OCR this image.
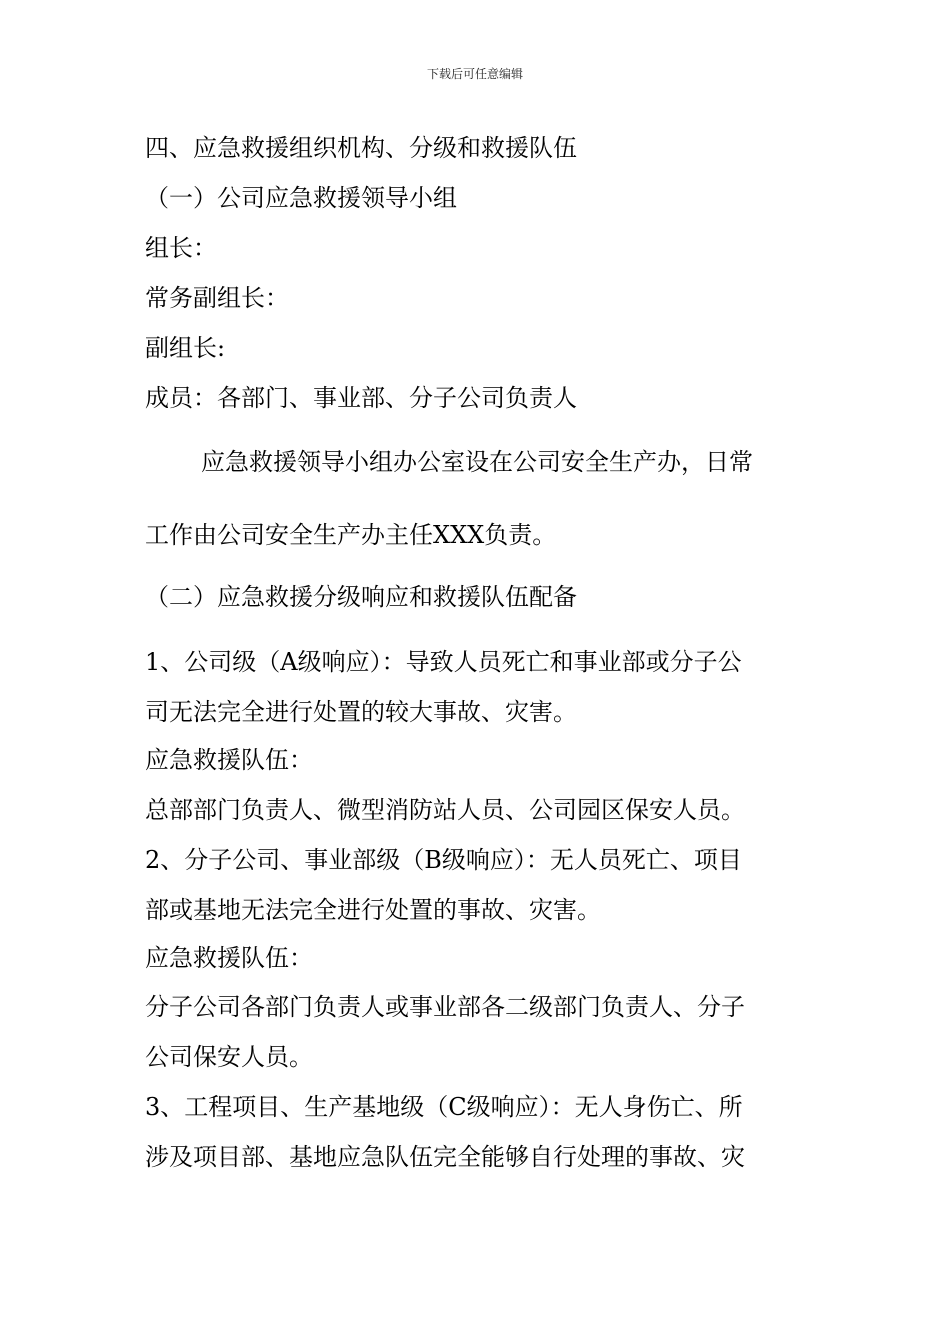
下载后可任意编辑
四、应急救援组织机构、分级和救援队伍
（一）公司应急救援领导小组
组长：
常务副组长：
副组长:
成员：各部门、事业部、分子公司负责人
应急救援领导小组办公室设在公司安全生产办，日常
工作由公司安全生产办主任XXX负责。
（二）应急救援分级响应和救援队伍配备
1、公司级（A级响应）：导致人员死亡和事业部或分子公
司无法完全进行处置的较大事故、灾害。
应急救援队伍：
总部部门负责人、微型消防站人员、公司园区保安人员。
2、分子公司、事业部级（B级响应）：无人员死亡、项目
部或基地无法完全进行处置的事故、灾害。
应急救援队伍：
分子公司各部门负责人或事业部各二级部门负责人、分子
公司保安人员。
3、工程项目、生产基地级（C级响应）：无人身伤亡、所
涉及项目部、基地应急队伍完全能够自行处理的事故、灾
